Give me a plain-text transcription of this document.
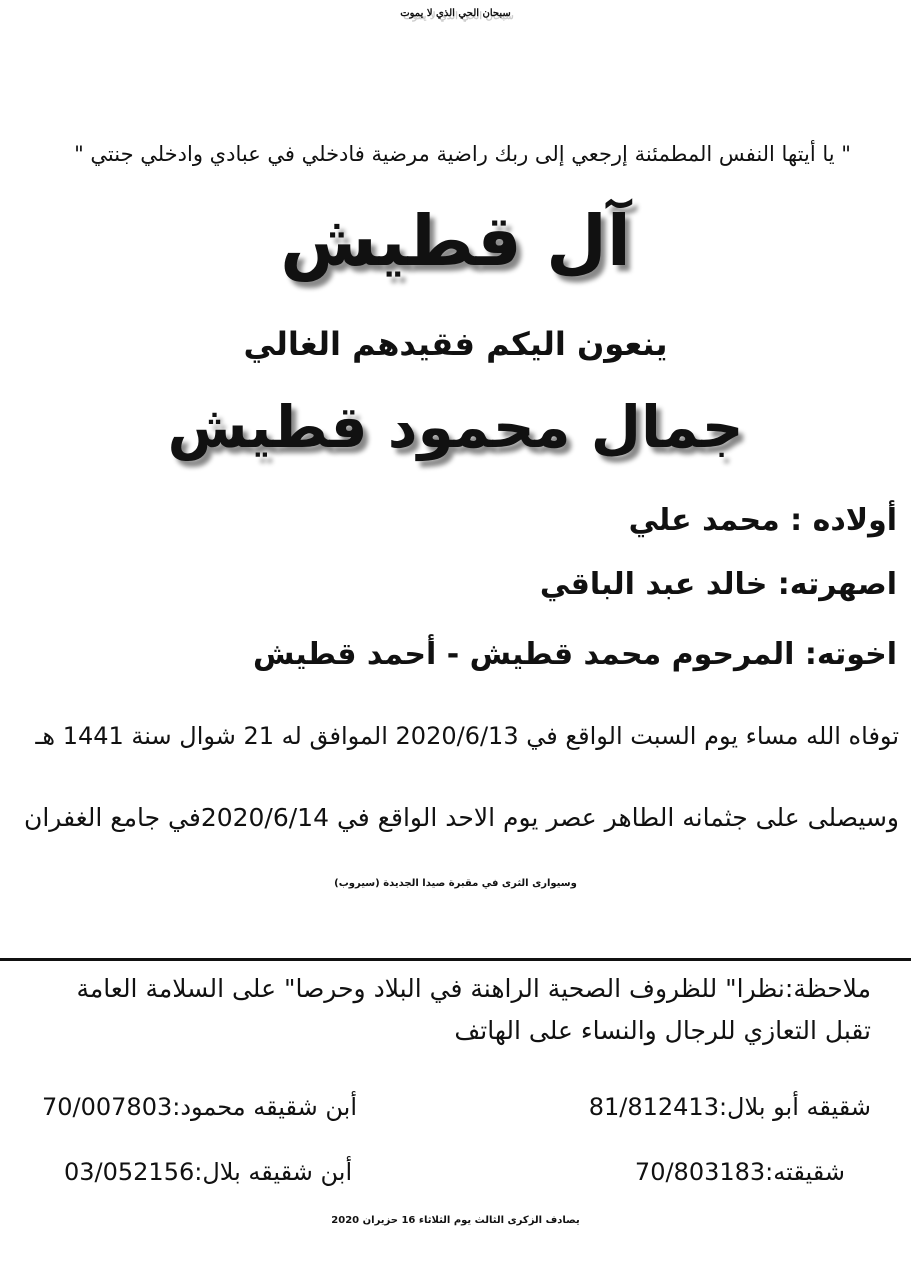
سبحان الحي الذي لا يموت
" يا أيتها النفس المطمئنة إرجعي إلى ربك راضية مرضية فادخلي في عبادي وادخلي جنتي "
آل قطيش
ينعون اليكم فقيدهم الغالي
جمال محمود قطيش
أولاده : محمد علي
اصهرته: خالد عبد الباقي
اخوته: المرحوم محمد قطيش - أحمد قطيش
توفاه الله مساء يوم السبت الواقع في 2020/6/13 الموافق له 21 شوال سنة 1441 هـ
وسيصلى على جثمانه الطاهر عصر يوم الاحد الواقع في 2020/6/14في جامع الغفران
وسيوارى الثرى في مقبرة صيدا الجديدة (سيروب)
ملاحظة:نظرا" للظروف الصحية الراهنة في البلاد وحرصا" على السلامة العامة تقبل التعازي للرجال والنساء على الهاتف
شقيقه أبو بلال:81/812413
أبن شقيقه محمود:70/007803
شقيقته:70/803183
أبن شقيقه بلال:03/052156
يصادف الزكرى الثالث يوم الثلاثاء 16 حزيران 2020
